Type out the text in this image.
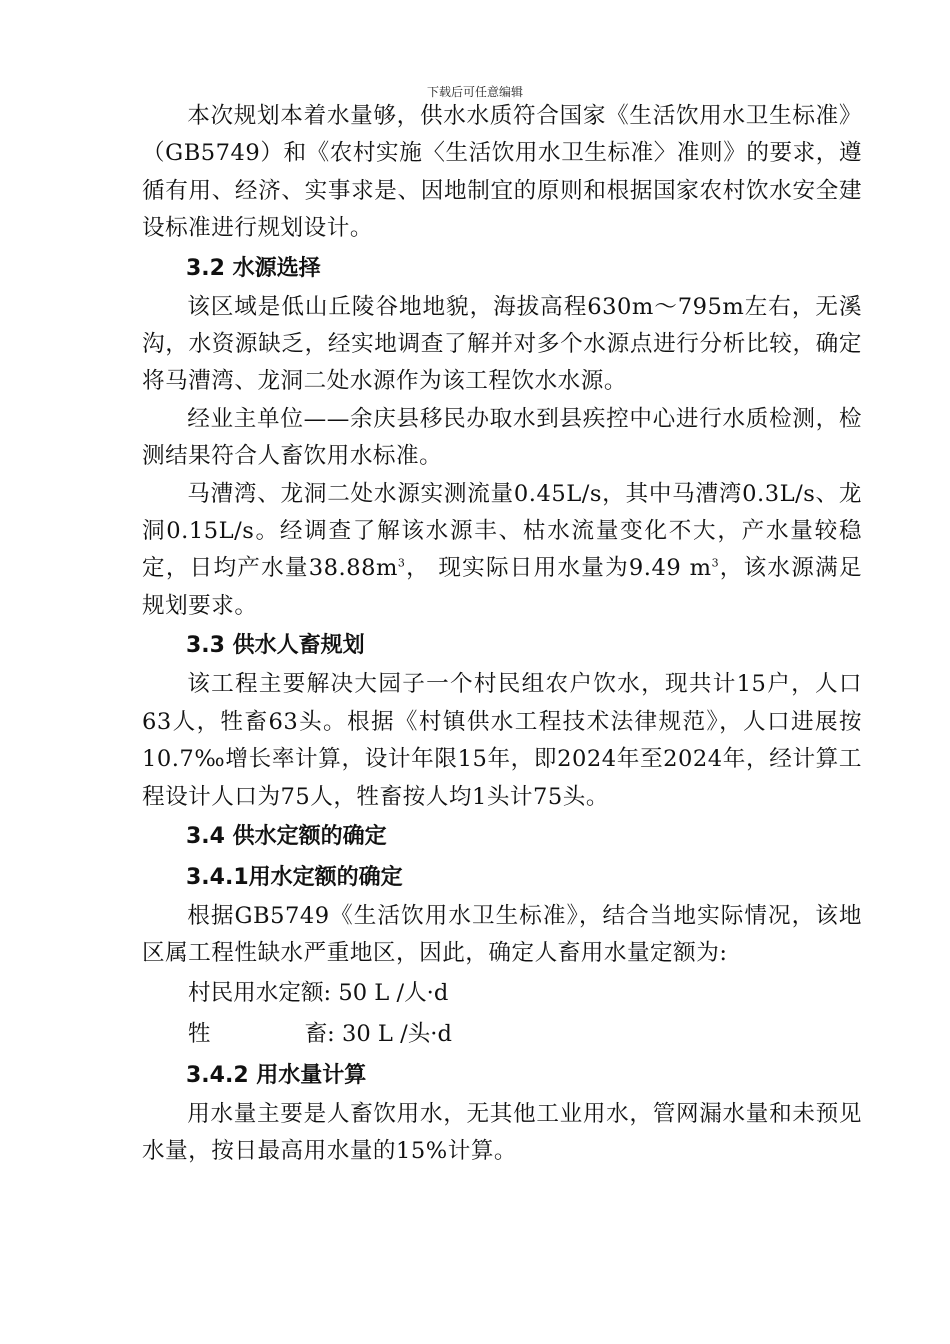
下载后可任意编辑

本次规划本着水量够，供水水质符合国家《生活饮用水卫生标准》（GB5749）和《农村实施〈生活饮用水卫生标准〉准则》的要求，遵循有用、经济、实事求是、因地制宜的原则和根据国家农村饮水安全建设标准进行规划设计。

3.2 水源选择

该区域是低山丘陵谷地地貌，海拔高程630m～795m左右，无溪沟，水资源缺乏，经实地调查了解并对多个水源点进行分析比较，确定将马漕湾、龙洞二处水源作为该工程饮水水源。

经业主单位——余庆县移民办取水到县疾控中心进行水质检测，检测结果符合人畜饮用水标准。

马漕湾、龙洞二处水源实测流量0.45L/s，其中马漕湾0.3L/s、龙洞0.15L/s。经调查了解该水源丰、枯水流量变化不大，产水量较稳定，日均产水量$38.88m^3$， 现实际日用水量为9.49 $m^3$，该水源满足规划要求。

3.3 供水人畜规划

该工程主要解决大园子一个村民组农户饮水，现共计15户，人口63人，牲畜63头。根据《村镇供水工程技术法律规范》，人口进展按10.7‰增长率计算，设计年限15年，即2024年至2024年，经计算工程设计人口为75人，牲畜按人均1头计75头。

3.4 供水定额的确定

3.4.1用水定额的确定

根据GB5749《生活饮用水卫生标准》，结合当地实际情况，该地区属工程性缺水严重地区，因此，确定人畜用水量定额为:

村民用水定额: 50 L /人·d

牲	畜: 30 L /头·d

3.4.2 用水量计算

用水量主要是人畜饮用水，无其他工业用水，管网漏水量和未预见水量，按日最高用水量的15%计算。
